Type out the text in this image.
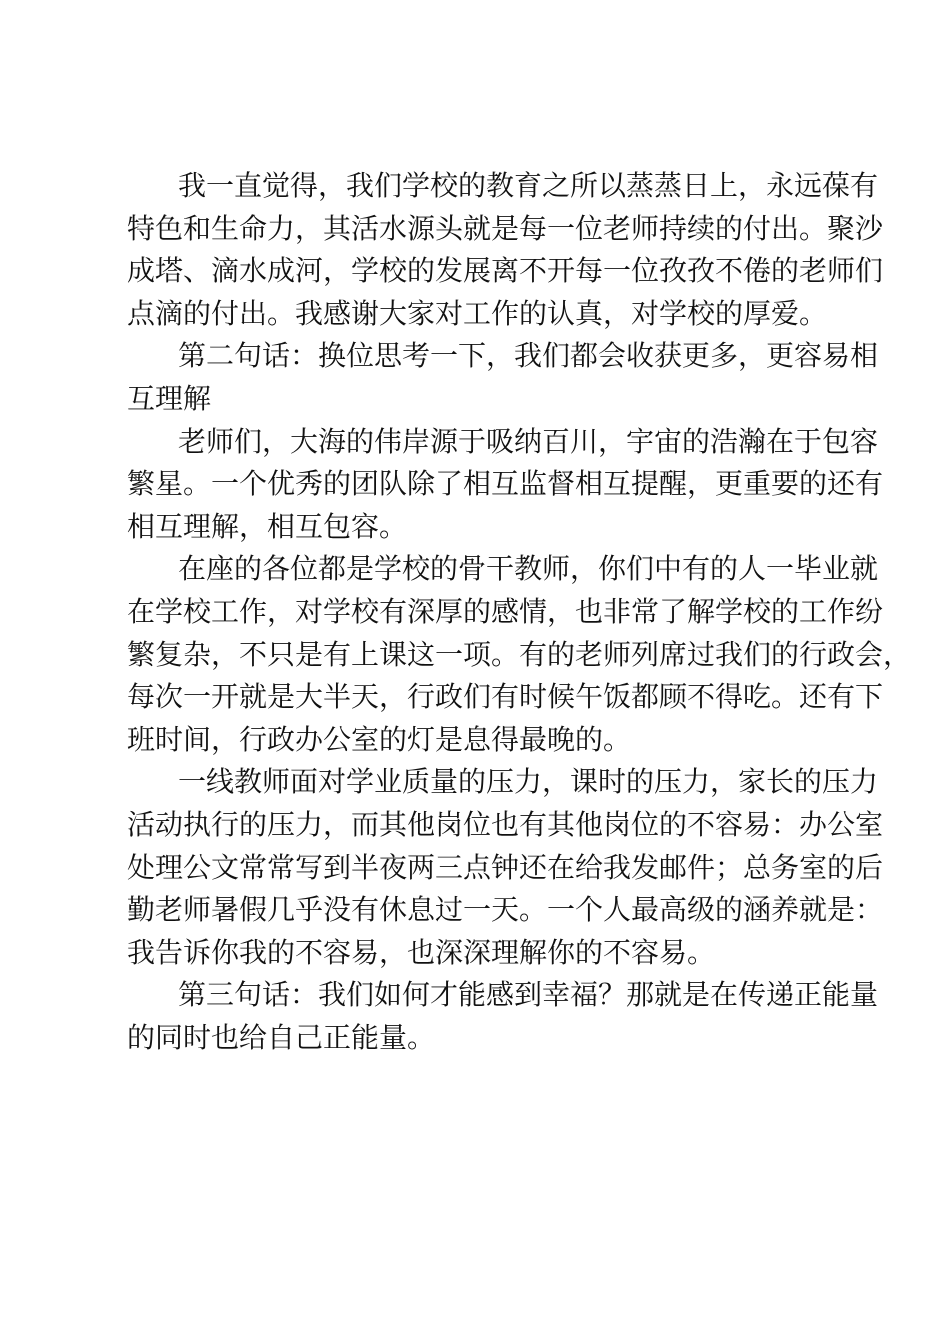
我一直觉得，我们学校的教育之所以蒸蒸日上，永远葆有
特色和生命力，其活水源头就是每一位老师持续的付出。聚沙
成塔、滴水成河，学校的发展离不开每一位孜孜不倦的老师们
点滴的付出。我感谢大家对工作的认真，对学校的厚爱。
第二句话：换位思考一下，我们都会收获更多，更容易相
互理解
老师们，大海的伟岸源于吸纳百川，宇宙的浩瀚在于包容
繁星。一个优秀的团队除了相互监督相互提醒，更重要的还有
相互理解，相互包容。
在座的各位都是学校的骨干教师，你们中有的人一毕业就
在学校工作，对学校有深厚的感情，也非常了解学校的工作纷
繁复杂，不只是有上课这一项。有的老师列席过我们的行政会，
每次一开就是大半天，行政们有时候午饭都顾不得吃。还有下
班时间，行政办公室的灯是息得最晚的。
一线教师面对学业质量的压力，课时的压力，家长的压力
活动执行的压力，而其他岗位也有其他岗位的不容易：办公室
处理公文常常写到半夜两三点钟还在给我发邮件；总务室的后
勤老师暑假几乎没有休息过一天。一个人最高级的涵养就是：
我告诉你我的不容易，也深深理解你的不容易。
第三句话：我们如何才能感到幸福？那就是在传递正能量
的同时也给自己正能量。
